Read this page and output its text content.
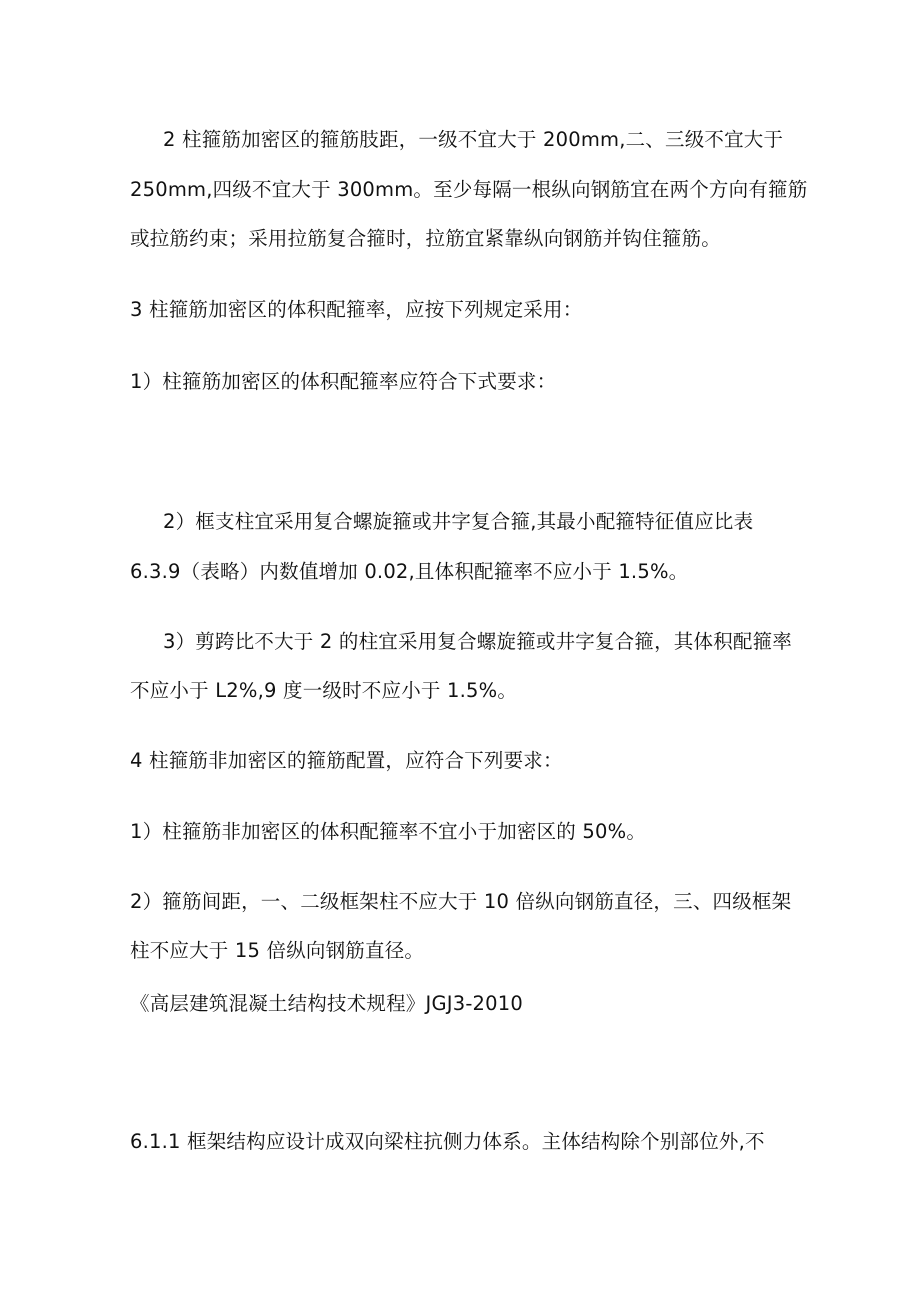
2 柱箍筋加密区的箍筋肢距，一级不宜大于 200mm,二、三级不宜大于
250mm,四级不宜大于 300mm。至少每隔一根纵向钢筋宜在两个方向有箍筋
或拉筋约束；采用拉筋复合箍时，拉筋宜紧靠纵向钢筋并钩住箍筋。
3 柱箍筋加密区的体积配箍率，应按下列规定采用：
1）柱箍筋加密区的体积配箍率应符合下式要求：
2）框支柱宜采用复合螺旋箍或井字复合箍,其最小配箍特征值应比表
6.3.9（表略）内数值增加 0.02,且体积配箍率不应小于 1.5%。
3）剪跨比不大于 2 的柱宜采用复合螺旋箍或井字复合箍，其体积配箍率
不应小于 L2%,9 度一级时不应小于 1.5%。
4 柱箍筋非加密区的箍筋配置，应符合下列要求：
1）柱箍筋非加密区的体积配箍率不宜小于加密区的 50%。
2）箍筋间距，一、二级框架柱不应大于 10 倍纵向钢筋直径，三、四级框架
柱不应大于 15 倍纵向钢筋直径。
《高层建筑混凝土结构技术规程》JGJ3-2010
6.1.1 框架结构应设计成双向梁柱抗侧力体系。主体结构除个别部位外,不
